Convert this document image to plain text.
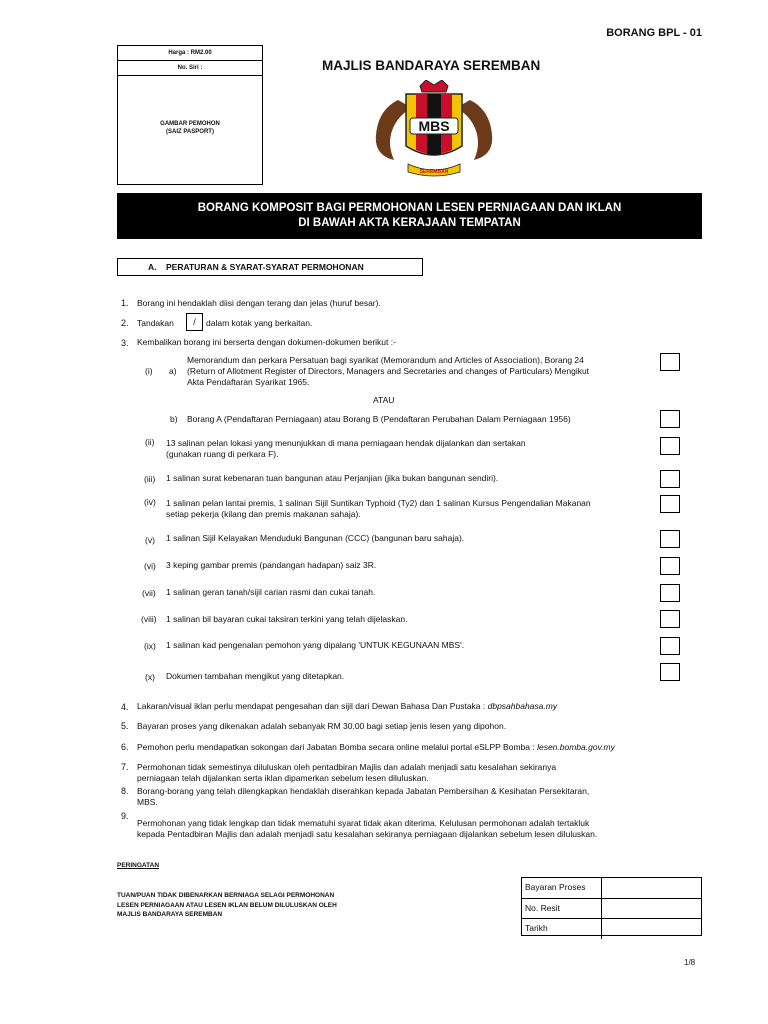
BORANG BPL - 01
Harga : RM2.00
No. Siri :
GAMBAR PEMOHON
(SAIZ PASPORT)
MAJLIS BANDARAYA SEREMBAN
MBS
SEREMBAN
BORANG KOMPOSIT BAGI PERMOHONAN LESEN PERNIAGAAN DAN IKLAN
DI BAWAH AKTA KERAJAAN TEMPATAN
A. PERATURAN & SYARAT-SYARAT PERMOHONAN
1. Borang ini hendaklah diisi dengan terang dan jelas (huruf besar).
2. Tandakan	/	dalam kotak yang berkaitan.
3. Kembalikan borang ini berserta dengan dokumen-dokumen berikut :-
(i) a)
Memorandum dan perkara Persatuan bagi syarikat (Memorandum and Articles of Association), Borang 24
(Return of Allotment Register of Directors, Managers and Secretaries and changes of Particulars) Mengikut
Akta Pendaftaran Syarikat 1965.
ATAU
b) Borang A (Pendaftaran Perniagaan) atau Borang B (Pendaftaran Perubahan Dalam Perniagaan 1956)
(ii) 13 salinan pelan lokasi yang menunjukkan di mana perniagaan hendak dijalankan dan sertakan
(gunakan ruang di perkara F).
(iii) 1 salinan surat kebenaran tuan bangunan atau Perjanjian (jika bukan bangunan sendiri).
(iv) 1 salinan pelan lantai premis, 1 salinan Sijil Suntikan Typhoid (Ty2) dan 1 salinan Kursus Pengendalian Makanan
setiap pekerja (kilang dan premis makanan sahaja).
(v) 1 salinan Sijil Kelayakan Menduduki Bangunan (CCC) (bangunan baru sahaja).
(vi) 3 keping gambar premis (pandangan hadapan) saiz 3R.
(vii) 1 salinan geran tanah/sijil carian rasmi dan cukai tanah.
(viii) 1 salinan bil bayaran cukai taksiran terkini yang telah dijelaskan.
(ix) 1 salinan kad pengenalan pemohon yang dipalang 'UNTUK KEGUNAAN MBS'.
(x) Dokumen tambahan mengikut yang ditetapkan.
4. Lakaran/visual iklan perlu mendapat pengesahan dan sijil dari Dewan Bahasa Dan Pustaka : dbpsahbahasa.my
5. Bayaran proses yang dikenakan adalah sebanyak RM 30.00 bagi setiap jenis lesen yang dipohon.
6. Pemohon perlu mendapatkan sokongan dari Jabatan Bomba secara online melalui portal eSLPP Bomba : lesen.bomba.gov.my
7. Permohonan tidak semestinya diluluskan oleh pentadbiran Majlis dan adalah menjadi satu kesalahan sekiranya
perniagaan telah dijalankan serta iklan dipamerkan sebelum lesen diluluskan.
8. Borang-borang yang telah dilengkapkan hendaklah diserahkan kepada Jabatan Pembersihan & Kesihatan Persekitaran,
MBS.
9.
Permohonan yang tidak lengkap dan tidak mematuhi syarat tidak akan diterima. Kelulusan permohonan adalah tertakluk
kepada Pentadbiran Majlis dan adalah menjadi satu kesalahan sekiranya perniagaan dijalankan sebelum lesen diluluskan.
PERINGATAN
TUAN/PUAN TIDAK DIBENARKAN BERNIAGA SELAGI PERMOHONAN
LESEN PERNIAGAAN ATAU LESEN IKLAN BELUM DILULUSKAN OLEH
MAJLIS BANDARAYA SEREMBAN
Bayaran Proses
No. Resit
Tarikh
1/8
